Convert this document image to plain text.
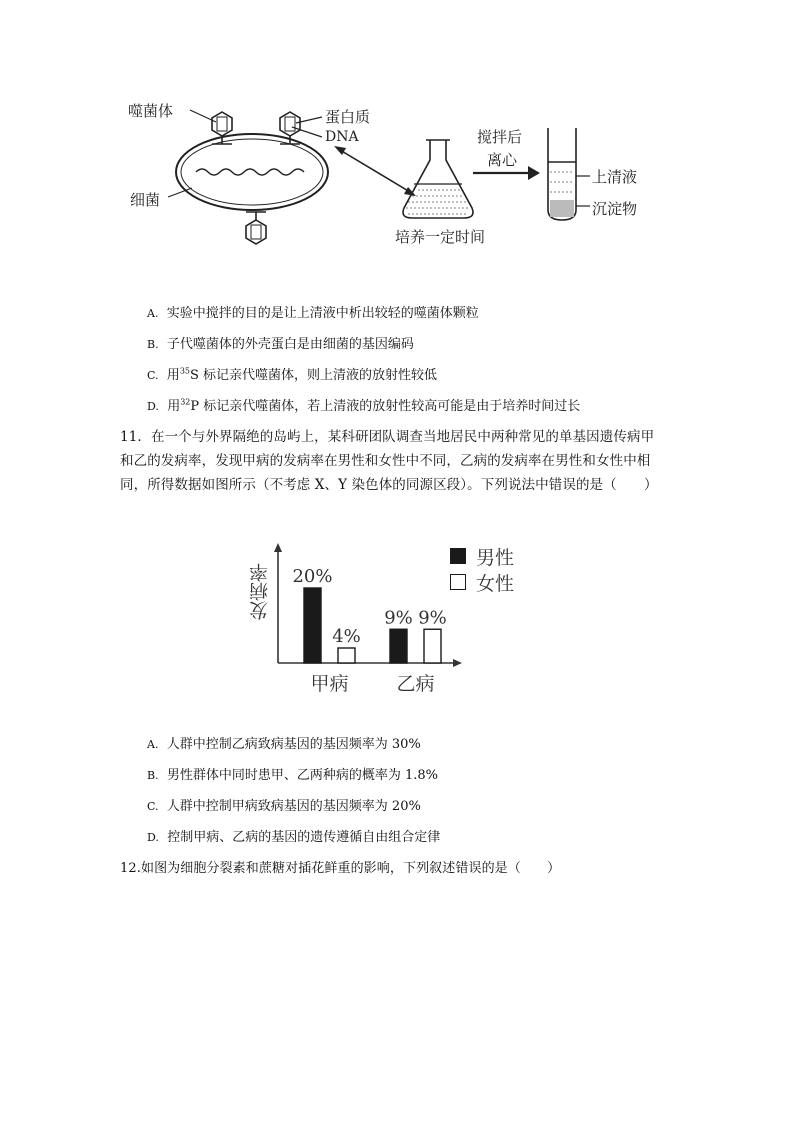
噬菌体	蛋白质
DNA
细菌
搅拌后
离心
上清液
沉淀物
培养一定时间
A. 实验中搅拌的目的是让上清液中析出较轻的噬菌体颗粒
B. 子代噬菌体的外壳蛋白是由细菌的基因编码
C. 用$^{35}$S 标记亲代噬菌体，则上清液的放射性较低
D. 用$^{32}$P 标记亲代噬菌体，若上清液的放射性较高可能是由于培养时间过长
11．在一个与外界隔绝的岛屿上，某科研团队调查当地居民中两种常见的单基因遗传病甲
和乙的发病率，发现甲病的发病率在男性和女性中不同，乙病的发病率在男性和女性中相
同，所得数据如图所示（不考虑 X、Y 染色体的同源区段）。下列说法中错误的是（　　）
发病率 20%
4%
9% 9%
甲病	乙病
男性
女性
A. 人群中控制乙病致病基因的基因频率为 30%
B. 男性群体中同时患甲、乙两种病的概率为 1.8%
C. 人群中控制甲病致病基因的基因频率为 20%
D. 控制甲病、乙病的基因的遗传遵循自由组合定律
12.如图为细胞分裂素和蔗糖对插花鲜重的影响，下列叙述错误的是（　　）
